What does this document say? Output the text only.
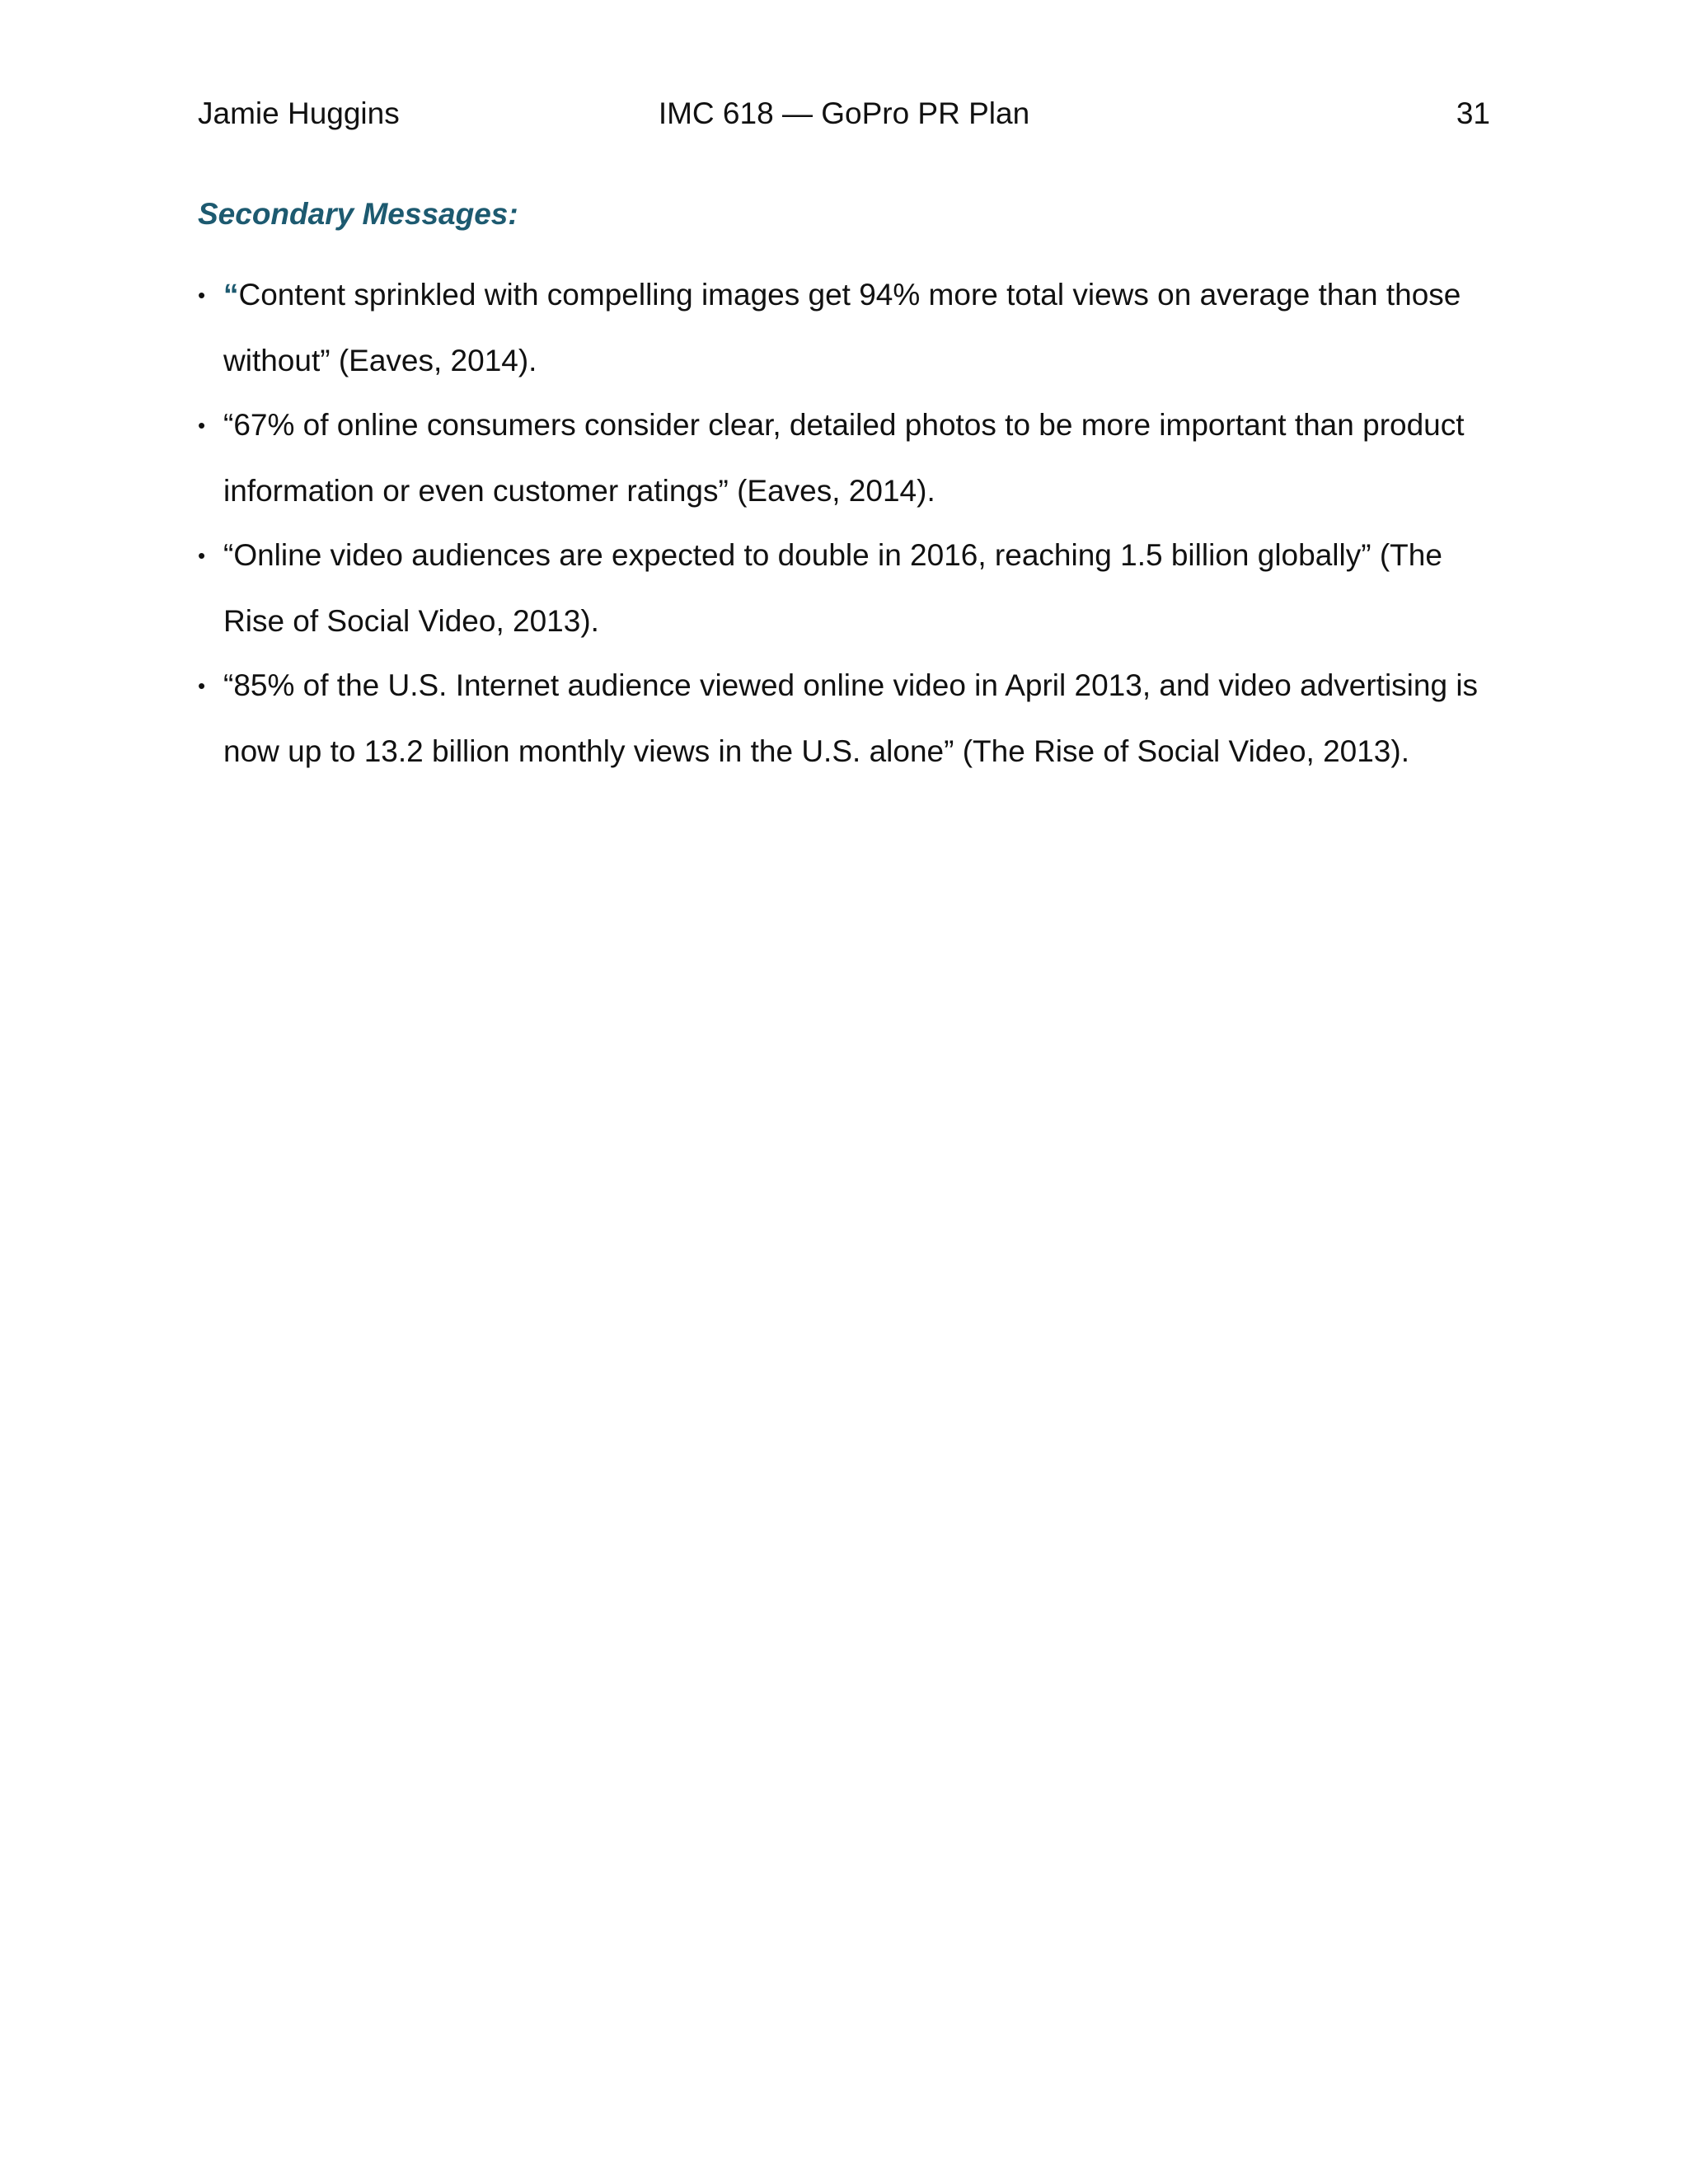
Jamie Huggins	IMC 618 — GoPro PR Plan	31
Secondary Messages:
• “Content sprinkled with compelling images get 94% more total views on average than those without” (Eaves, 2014).
• “67% of online consumers consider clear, detailed photos to be more important than product information or even customer ratings” (Eaves, 2014).
• “Online video audiences are expected to double in 2016, reaching 1.5 billion globally” (The Rise of Social Video, 2013).
• “85% of the U.S. Internet audience viewed online video in April 2013, and video advertising is now up to 13.2 billion monthly views in the U.S. alone” (The Rise of Social Video, 2013).
